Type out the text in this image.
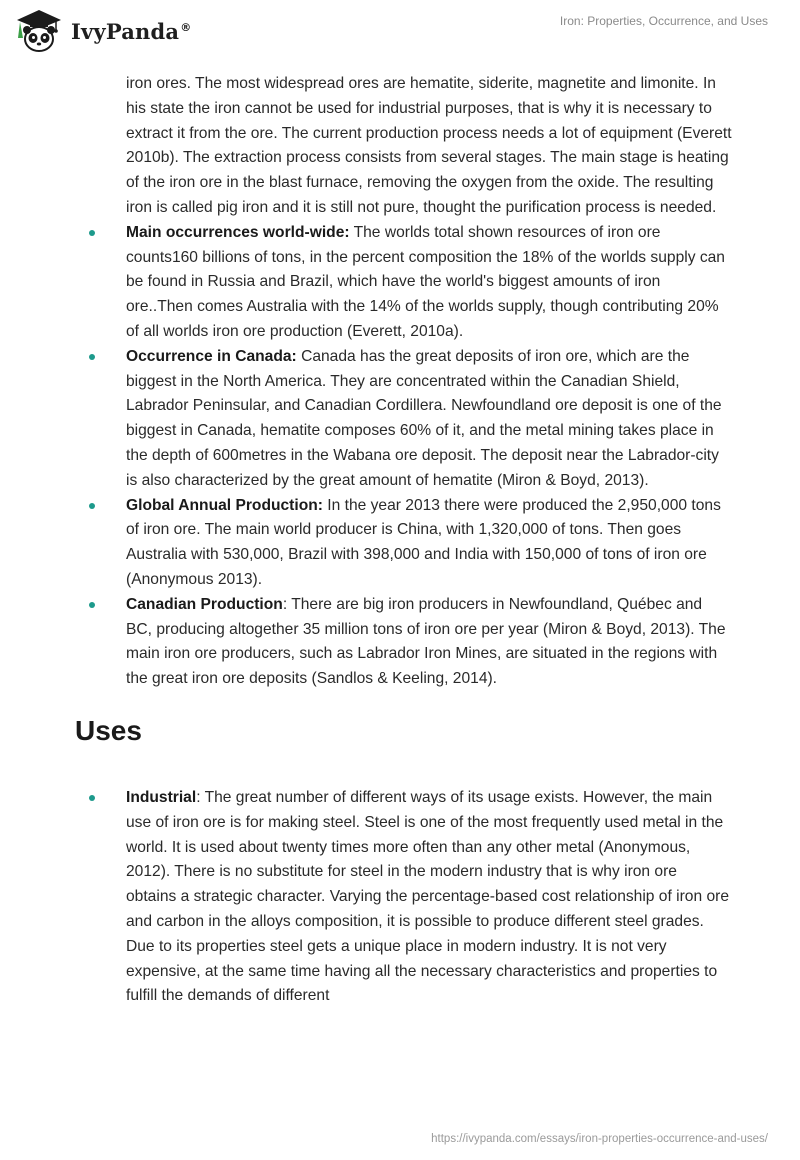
IvyPanda®	Iron: Properties, Occurrence, and Uses

iron ores. The most widespread ores are hematite, siderite, magnetite and limonite. In his state the iron cannot be used for industrial purposes, that is why it is necessary to extract it from the ore. The current production process needs a lot of equipment (Everett 2010b). The extraction process consists from several stages. The main stage is heating of the iron ore in the blast furnace, removing the oxygen from the oxide. The resulting iron is called pig iron and it is still not pure, thought the purification process is needed.

Main occurrences world-wide: The worlds total shown resources of iron ore counts160 billions of tons, in the percent composition the 18% of the worlds supply can be found in Russia and Brazil, which have the world's biggest amounts of iron ore..Then comes Australia with the 14% of the worlds supply, though contributing 20% of all worlds iron ore production (Everett, 2010a).
Occurrence in Canada: Canada has the great deposits of iron ore, which are the biggest in the North America. They are concentrated within the Canadian Shield, Labrador Peninsular, and Canadian Cordillera. Newfoundland ore deposit is one of the biggest in Canada, hematite composes 60% of it, and the metal mining takes place in the depth of 600metres in the Wabana ore deposit. The deposit near the Labrador-city is also characterized by the great amount of hematite (Miron & Boyd, 2013).
Global Annual Production: In the year 2013 there were produced the 2,950,000 tons of iron ore. The main world producer is China, with 1,320,000 of tons. Then goes Australia with 530,000, Brazil with 398,000 and India with 150,000 of tons of iron ore (Anonymous 2013).
Canadian Production: There are big iron producers in Newfoundland, Québec and BC, producing altogether 35 million tons of iron ore per year (Miron & Boyd, 2013). The main iron ore producers, such as Labrador Iron Mines, are situated in the regions with the great iron ore deposits (Sandlos & Keeling, 2014).
Uses
Industrial: The great number of different ways of its usage exists. However, the main use of iron ore is for making steel. Steel is one of the most frequently used metal in the world. It is used about twenty times more often than any other metal (Anonymous, 2012). There is no substitute for steel in the modern industry that is why iron ore obtains a strategic character. Varying the percentage-based cost relationship of iron ore and carbon in the alloys composition, it is possible to produce different steel grades. Due to its properties steel gets a unique place in modern industry. It is not very expensive, at the same time having all the necessary characteristics and properties to fulfill the demands of different
https://ivypanda.com/essays/iron-properties-occurrence-and-uses/
